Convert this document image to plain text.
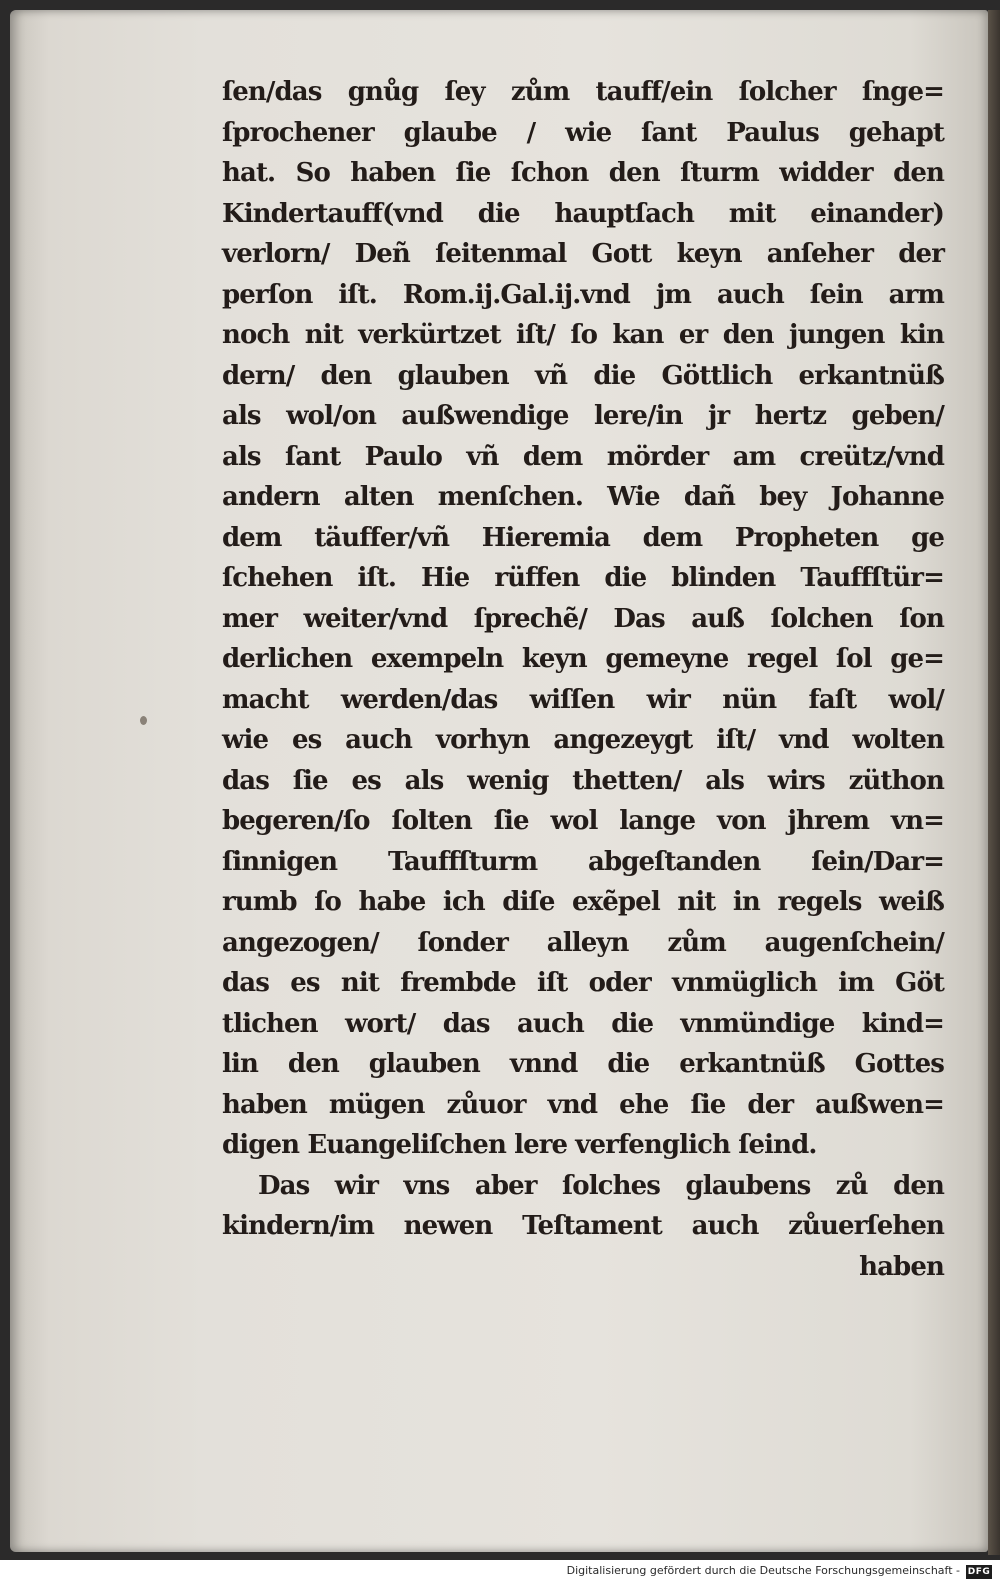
ſen/das gnůg ſey zům tauff/ein ſolcher ſnge=
ſprochener glaube / wie ſant Paulus gehapt
hat. So haben ſie ſchon den ſturm widder den
Kindertauff(vnd die hauptſach mit einander)
verlorn/ Deñ ſeitenmal Gott keyn anſeher der
perſon iſt. Rom.ij.Gal.ij.vnd jm auch ſein arm
noch nit verkürtzet iſt/ ſo kan er den jungen kin
dern/ den glauben vñ die Göttlich erkantnüß
als wol/on außwendige lere/in jr hertz geben/
als ſant Paulo vñ dem mörder am creütz/vnd
andern alten menſchen. Wie dañ bey Johanne
dem täuffer/vñ Hieremia dem Propheten ge
ſchehen iſt. Hie rüffen die blinden Tauffſtür=
mer weiter/vnd ſprechẽ/ Das auß ſolchen ſon
derlichen exempeln keyn gemeyne regel ſol ge=
macht werden/das wiſſen wir nün faſt wol/
wie es auch vorhyn angezeygt iſt/ vnd wolten
das ſie es als wenig thetten/ als wirs züthon
begeren/ſo ſolten ſie wol lange von jhrem vn=
ſinnigen Tauffſturm abgeſtanden ſein/Dar=
rumb ſo habe ich diſe exẽpel nit in regels weiß
angezogen/ ſonder alleyn zům augenſchein/
das es nit frembde iſt oder vnmüglich im Göt
tlichen wort/ das auch die vnmündige kind=
lin den glauben vnnd die erkantnüß Gottes
haben mügen zůuor vnd ehe ſie der außwen=
digen Euangeliſchen lere verfenglich ſeind.
Das wir vns aber ſolches glaubens zů den
kindern/im newen Teſtament auch zůuerſehen
haben
Digitalisierung gefördert durch die Deutsche Forschungsgemeinschaft - DFG
